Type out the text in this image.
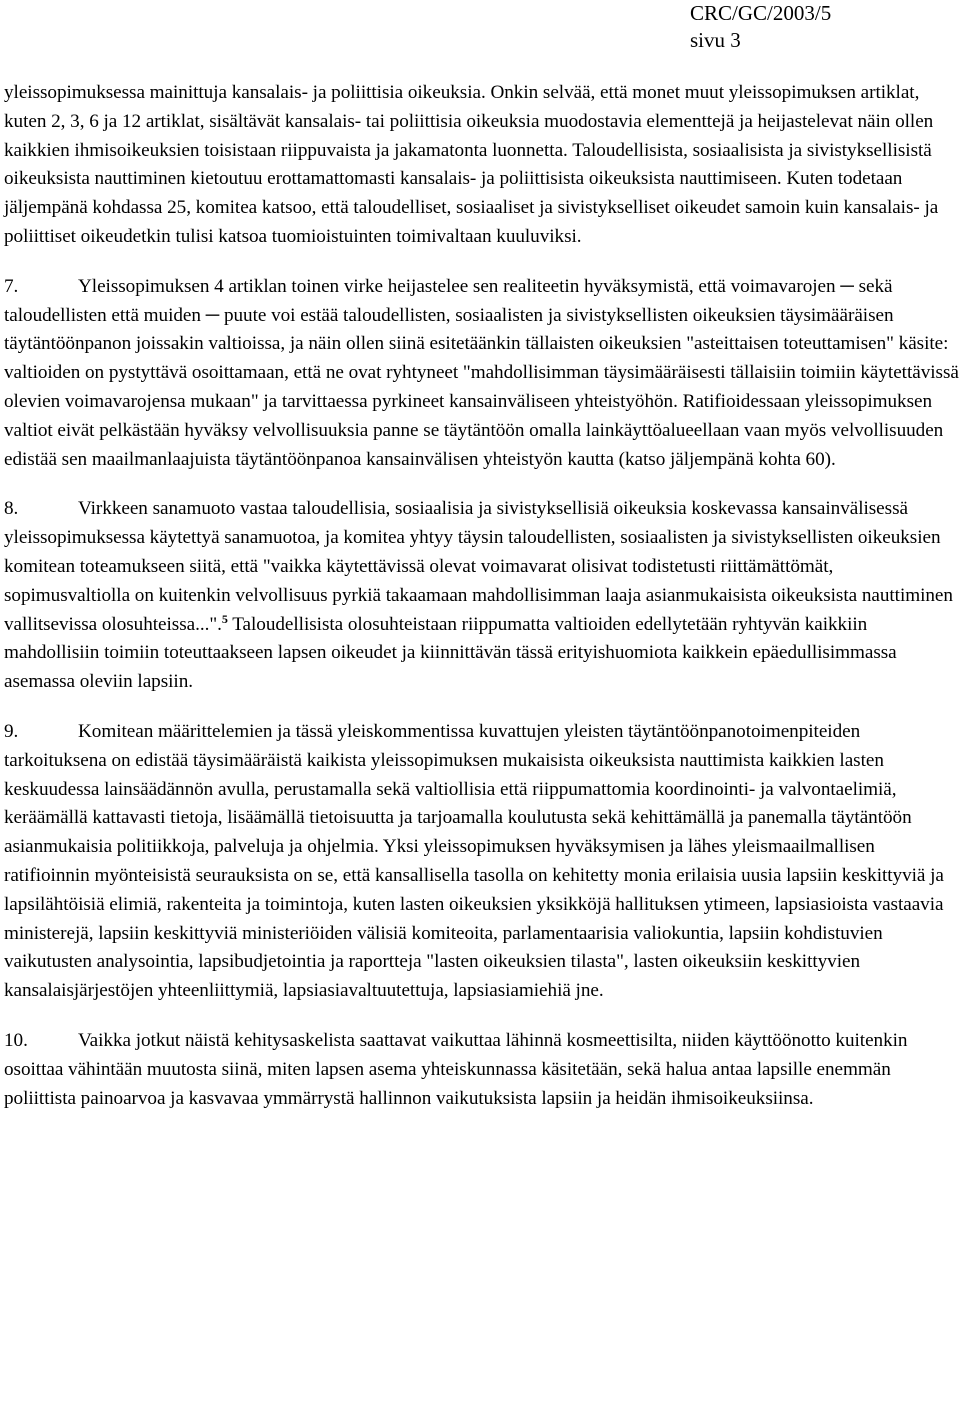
CRC/GC/2003/5
sivu 3

yleissopimuksessa mainittuja kansalais- ja poliittisia oikeuksia. Onkin selvää, että monet muut yleissopimuksen artiklat, kuten 2, 3, 6 ja 12 artiklat, sisältävät kansalais- tai poliittisia oikeuksia muodostavia elementtejä ja heijastelevat näin ollen kaikkien ihmisoikeuksien toisistaan riippuvaista ja jakamatonta luonnetta. Taloudellisista, sosiaalisista ja sivistyksellisistä oikeuksista nauttiminen kietoutuu erottamattomasti kansalais- ja poliittisista oikeuksista nauttimiseen. Kuten todetaan jäljempänä kohdassa 25, komitea katsoo, että taloudelliset, sosiaaliset ja sivistykselliset oikeudet samoin kuin kansalais- ja poliittiset oikeudetkin tulisi katsoa tuomioistuinten toimivaltaan kuuluviksi.

7.	Yleissopimuksen 4 artiklan toinen virke heijastelee sen realiteetin hyväksymistä, että voimavarojen ─ sekä taloudellisten että muiden ─ puute voi estää taloudellisten, sosiaalisten ja sivistyksellisten oikeuksien täysimääräisen täytäntöönpanon joissakin valtioissa, ja näin ollen siinä esitetäänkin tällaisten oikeuksien "asteittaisen toteuttamisen" käsite: valtioiden on pystyttävä osoittamaan, että ne ovat ryhtyneet "mahdollisimman täysimääräisesti tällaisiin toimiin käytettävissä olevien voimavarojensa mukaan" ja tarvittaessa pyrkineet kansainväliseen yhteistyöhön. Ratifioidessaan yleissopimuksen valtiot eivät pelkästään hyväksy velvollisuuksia panne se täytäntöön omalla lainkäyttöalueellaan vaan myös velvollisuuden edistää sen maailmanlaajuista täytäntöönpanoa kansainvälisen yhteistyön kautta (katso jäljempänä kohta 60).

8.	Virkkeen sanamuoto vastaa taloudellisia, sosiaalisia ja sivistyksellisiä oikeuksia koskevassa kansainvälisessä yleissopimuksessa käytettyä sanamuotoa, ja komitea yhtyy täysin taloudellisten, sosiaalisten ja sivistyksellisten oikeuksien komitean toteamukseen siitä, että "vaikka käytettävissä olevat voimavarat olisivat todistetusti riittämättömät, sopimusvaltiolla on kuitenkin velvollisuus pyrkiä takaamaan mahdollisimman laaja asianmukaisista oikeuksista nauttiminen vallitsevissa olosuhteissa...".$^5$ Taloudellisista olosuhteistaan riippumatta valtioiden edellytetään ryhtyvän kaikkiin mahdollisiin toimiin toteuttaakseen lapsen oikeudet ja kiinnittävän tässä erityishuomiota kaikkein epäedullisimmassa asemassa oleviin lapsiin.

9.	Komitean määrittelemien ja tässä yleiskommentissa kuvattujen yleisten täytäntöönpanotoimenpiteiden tarkoituksena on edistää täysimääräistä kaikista yleissopimuksen mukaisista oikeuksista nauttimista kaikkien lasten keskuudessa lainsäädännön avulla, perustamalla sekä valtiollisia että riippumattomia koordinointi- ja valvontaelimiä, keräämällä kattavasti tietoja, lisäämällä tietoisuutta ja tarjoamalla koulutusta sekä kehittämällä ja panemalla täytäntöön asianmukaisia politiikkoja, palveluja ja ohjelmia. Yksi yleissopimuksen hyväksymisen ja lähes yleismaailmallisen ratifioinnin myönteisistä seurauksista on se, että kansallisella tasolla on kehitetty monia erilaisia uusia lapsiin keskittyviä ja lapsilähtöisiä elimiä, rakenteita ja toimintoja, kuten lasten oikeuksien yksikköjä hallituksen ytimeen, lapsiasioista vastaavia ministerejä, lapsiin keskittyviä ministeriöiden välisiä komiteoita, parlamentaarisia valiokuntia, lapsiin kohdistuvien vaikutusten analysointia, lapsibudjetointia ja raportteja "lasten oikeuksien tilasta", lasten oikeuksiin keskittyvien kansalaisjärjestöjen yhteenliittymiä, lapsiasiavaltuutettuja, lapsiasiamiehiä jne.

10.	Vaikka jotkut näistä kehitysaskelista saattavat vaikuttaa lähinnä kosmeettisilta, niiden käyttöönotto kuitenkin osoittaa vähintään muutosta siinä, miten lapsen asema yhteiskunnassa käsitetään, sekä halua antaa lapsille enemmän poliittista painoarvoa ja kasvavaa ymmärrystä hallinnon vaikutuksista lapsiin ja heidän ihmisoikeuksiinsa.
